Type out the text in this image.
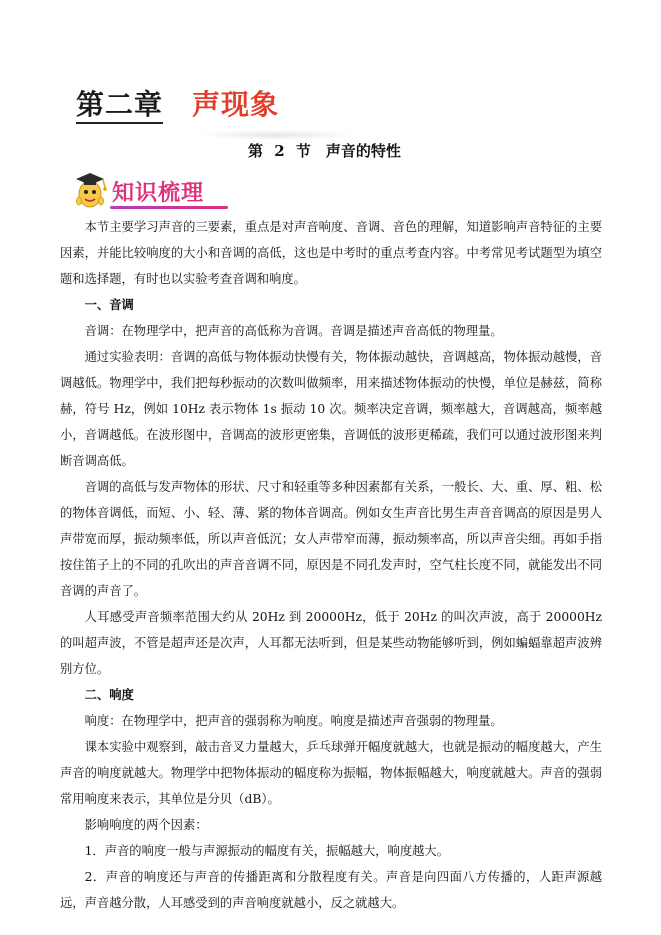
第二章 声现象
第 2 节　声音的特性
知识梳理

本节主要学习声音的三要素，重点是对声音响度、音调、音色的理解，知道影响声音特征的主要因素，并能比较响度的大小和音调的高低，这也是中考时的重点考查内容。中考常见考试题型为填空题和选择题，有时也以实验考查音调和响度。

一、音调

音调：在物理学中，把声音的高低称为音调。音调是描述声音高低的物理量。

通过实验表明：音调的高低与物体振动快慢有关，物体振动越快，音调越高，物体振动越慢，音调越低。物理学中，我们把每秒振动的次数叫做频率，用来描述物体振动的快慢，单位是赫兹，简称赫，符号 Hz，例如 10Hz 表示物体 1s 振动 10 次。频率决定音调，频率越大，音调越高，频率越小，音调越低。在波形图中，音调高的波形更密集，音调低的波形更稀疏，我们可以通过波形图来判断音调高低。

音调的高低与发声物体的形状、尺寸和轻重等多种因素都有关系，一般长、大、重、厚、粗、松的物体音调低，而短、小、轻、薄、紧的物体音调高。例如女生声音比男生声音音调高的原因是男人声带宽而厚，振动频率低，所以声音低沉；女人声带窄而薄，振动频率高，所以声音尖细。再如手指按住笛子上的不同的孔吹出的声音音调不同，原因是不同孔发声时，空气柱长度不同，就能发出不同音调的声音了。

人耳感受声音频率范围大约从 20Hz 到 20000Hz，低于 20Hz 的叫次声波，高于 20000Hz 的叫超声波，不管是超声还是次声，人耳都无法听到，但是某些动物能够听到，例如蝙蝠靠超声波辨别方位。

二、响度

响度：在物理学中，把声音的强弱称为响度。响度是描述声音强弱的物理量。

课本实验中观察到，敲击音叉力量越大，乒乓球弹开幅度就越大，也就是振动的幅度越大，产生声音的响度就越大。物理学中把物体振动的幅度称为振幅，物体振幅越大，响度就越大。声音的强弱常用响度来表示，其单位是分贝（dB）。

影响响度的两个因素：

1．声音的响度一般与声源振动的幅度有关，振幅越大，响度越大。

2．声音的响度还与声音的传播距离和分散程度有关。声音是向四面八方传播的，人距声源越远，声音越分散，人耳感受到的声音响度就越小，反之就越大。
